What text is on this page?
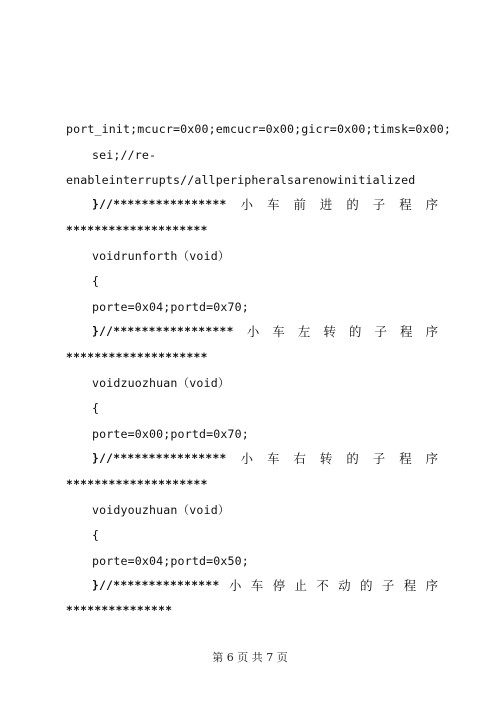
port_init;mcucr=0x00;emcucr=0x00;gicr=0x00;timsk=0x00;
sei;//re-
enableinterrupts//allperipheralsarenowinitialized
}//**************** 小 车 前 进 的 子 程 序
********************
voidrunforth（void）
{
porte=0x04;portd=0x70;
}//***************** 小 车 左 转 的 子 程 序
********************
voidzuozhuan（void）
{
porte=0x00;portd=0x70;
}//**************** 小 车 右 转 的 子 程 序
********************
voidyouzhuan（void）
{
porte=0x04;portd=0x50;
}//*************** 小 车 停 止 不 动 的 子 程 序
***************
第 6 页 共 7 页
